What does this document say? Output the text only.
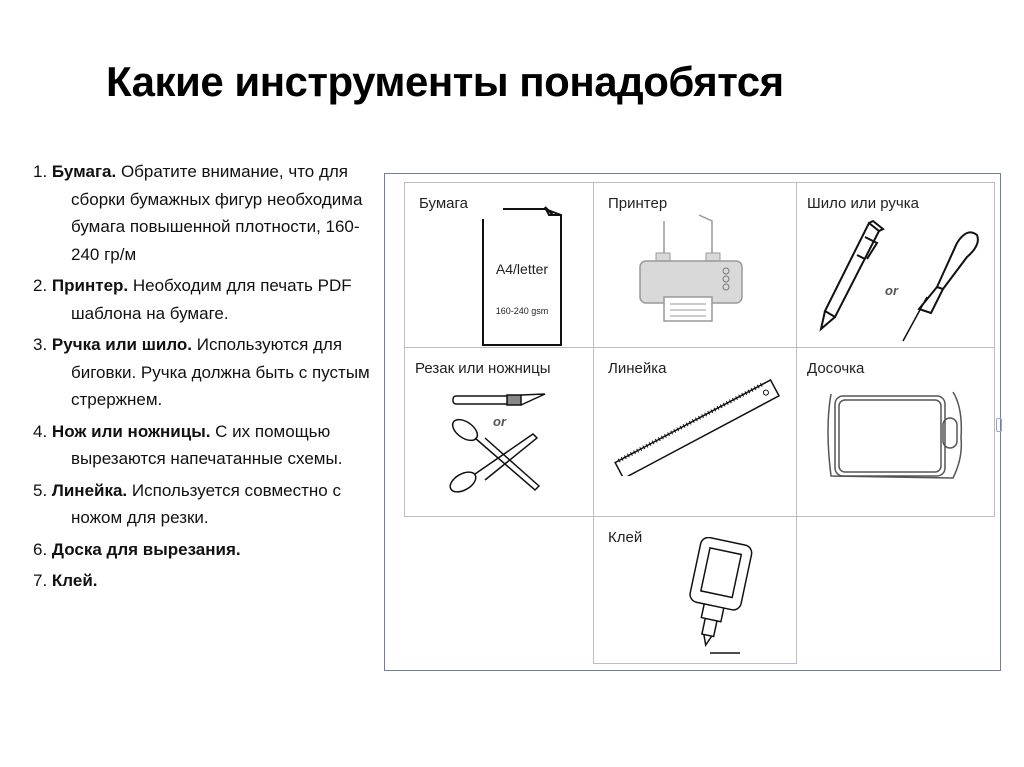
Какие инструменты понадобятся
1. Бумага. Обратите внимание, что для сборки бумажных фигур необходима бумага повышенной плотности, 160-240 гр/м
2. Принтер. Необходим для печать PDF шаблона на бумаге.
3. Ручка или шило. Используются для биговки. Ручка должна быть с пустым стрержнем.
4. Нож или ножницы. С их помощью вырезаются напечатанные схемы.
5. Линейка. Используется совместно с ножом для резки.
6. Доска для вырезания.
7. Клей.
Бумага
A4/letter
160-240 gsm
Принтер	Шило или ручка
or
Резак или ножницы
or
Линейка	Досочка
Клей
